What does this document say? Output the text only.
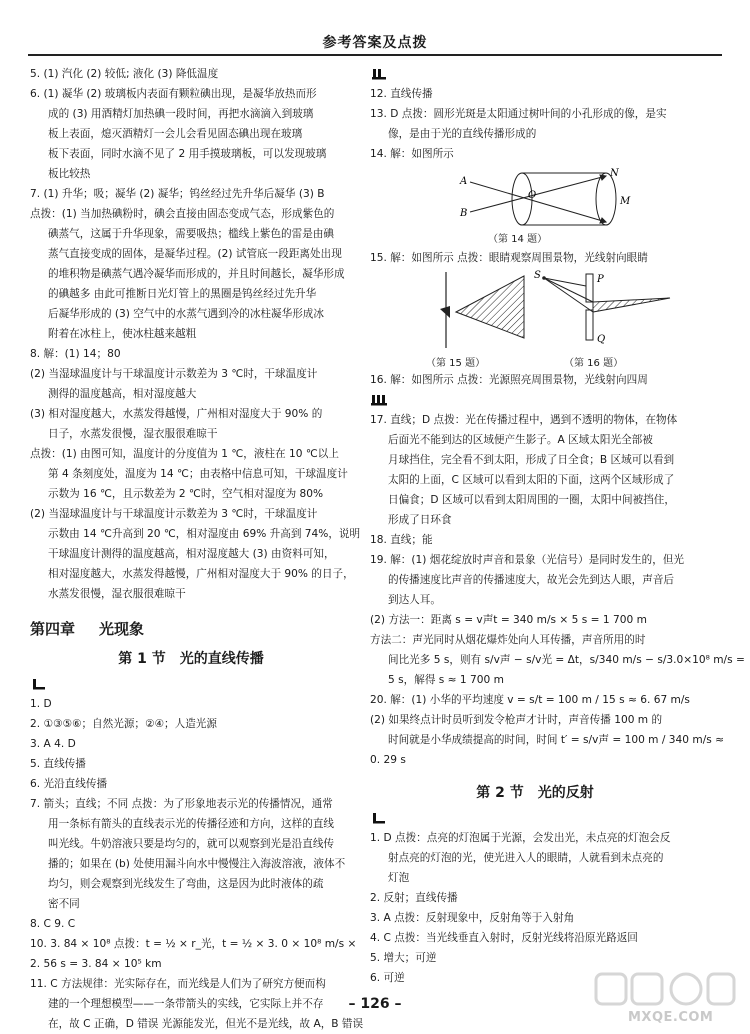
参考答案及点拨
5. (1) 汽化 (2) 较低; 液化 (3) 降低温度
6. (1) 凝华 (2) 玻璃板内表面有颗粒碘出现，是凝华放热而形
成的 (3) 用酒精灯加热碘一段时间，再把水滴滴入到玻璃
板上表面，熄灭酒精灯一会儿会看见固态碘出现在玻璃
板下表面，同时水滴不见了 2 用手摸玻璃板，可以发现玻璃
板比较热
7. (1) 升华；吸；凝华 (2) 凝华；钨丝经过先升华后凝华 (3) B
点拨：(1) 当加热碘粉时，碘会直接由固态变成气态，形成紫色的
碘蒸气，这属于升华现象，需要吸热；槛线上紫色的雷是由碘
蒸气直接变成的固体，是凝华过程。(2) 试管底一段距离处出现
的堆积物是碘蒸气遇冷凝华而形成的，并且时间越长，凝华形成
的碘越多 由此可推断日光灯管上的黑圈是钨丝经过先升华
后凝华形成的 (3) 空气中的水蒸气遇到冷的冰柱凝华形成冰
附着在冰柱上，使冰柱越来越粗
8. 解：(1) 14；80
(2) 当湿球温度计与干球温度计示数差为 3 ℃时，干球温度计
测得的温度越高，相对湿度越大
(3) 相对湿度越大，水蒸发得越慢，广州相对湿度大于 90% 的
日子，水蒸发很慢，湿衣服很难晾干
点拨：(1) 由图可知，温度计的分度值为 1 ℃，液柱在 10 ℃以上
第 4 条刻度处，温度为 14 ℃；由表格中信息可知，干球温度计
示数为 16 ℃，且示数差为 2 ℃时，空气相对湿度为 80%
(2) 当湿球温度计与干球温度计示数差为 3 ℃时，干球温度计
示数由 14 ℃升高到 20 ℃，相对湿度由 69% 升高到 74%，说明
干球温度计测得的温度越高，相对湿度越大 (3) 由资料可知，
相对湿度越大，水蒸发得越慢，广州相对湿度大于 90% 的日子，
水蒸发很慢，湿衣服很难晾干
第四章 光现象
第 1 节 光的直线传播
1. D
2. ①③⑤⑥；自然光源；②④；人造光源
3. A 4. D
5. 直线传播
6. 光沿直线传播
7. 箭头；直线；不同 点拨：为了形象地表示光的传播情况，通常
用一条标有箭头的直线表示光的传播径迹和方向，这样的直线
叫光线。牛奶溶液只要是均匀的，就可以观察到光是沿直线传
播的；如果在 (b) 处使用漏斗向水中慢慢注入海波溶液，液体不
均匀，则会观察到光线发生了弯曲，这是因为此时液体的疏
密不同
8. C 9. C
10. 3. 84 × 10⁸ 点拨：t = ½ × r_光，t = ½ × 3. 0 × 10⁸ m/s ×
2. 56 s = 3. 84 × 10⁵ km
11. C 方法规律：光实际存在，而光线是人们为了研究方便而构
建的一个理想模型——一条带箭头的实线，它实际上并不存
在，故 C 正确，D 错误 光源能发光，但光不是光线，故 A，B 错误
12. 直线传播
13. D 点拨：圆形光斑是太阳通过树叶间的小孔形成的像，是实
像，是由于光的直线传播形成的
14. 解：如图所示
A
B
O
N
M
（第 14 题）
15. 解：如图所示 点拨：眼睛观察周围景物，光线射向眼睛
S	P
Q
（第 15 题）	（第 16 题）
16. 解：如图所示 点拨：光源照亮周围景物，光线射向四周
17. 直线；D 点拨：光在传播过程中，遇到不透明的物体，在物体
后面光不能到达的区域便产生影子。A 区域太阳光全部被
月球挡住，完全看不到太阳，形成了日全食；B 区域可以看到
太阳的上面，C 区域可以看到太阳的下面，这两个区域形成了
日偏食；D 区域可以看到太阳周围的一圈，太阳中间被挡住，
形成了日环食
18. 直线；能
19. 解：(1) 烟花绽放时声音和景象（光信号）是同时发生的，但光
的传播速度比声音的传播速度大，故光会先到达人眼，声音后
到达人耳。
(2) 方法一：距离 s = v声t = 340 m/s × 5 s = 1 700 m
方法二：声光同时从烟花爆炸处向人耳传播，声音所用的时
间比光多 5 s，则有 s/v声 − s/v光 = Δt，s/340 m/s − s/3.0×10⁸ m/s =
5 s，解得 s ≈ 1 700 m
20. 解：(1) 小华的平均速度 v = s/t = 100 m / 15 s ≈ 6. 67 m/s
(2) 如果终点计时员听到发令枪声才计时，声音传播 100 m 的
时间就是小华成绩提高的时间，时间 t′ = s/v声 = 100 m / 340 m/s ≈
0. 29 s
第 2 节 光的反射
1. D 点拨：点亮的灯泡属于光源，会发出光，未点亮的灯泡会反
射点亮的灯泡的光，使光进入人的眼睛，人就看到未点亮的
灯泡
2. 反射；直线传播
3. A 点拨：反射现象中，反射角等于入射角
4. C 点拨：当光线垂直入射时，反射光线将沿原光路返回
5. 增大；可逆
6. 可逆
– 126 –
MXQE.COM
